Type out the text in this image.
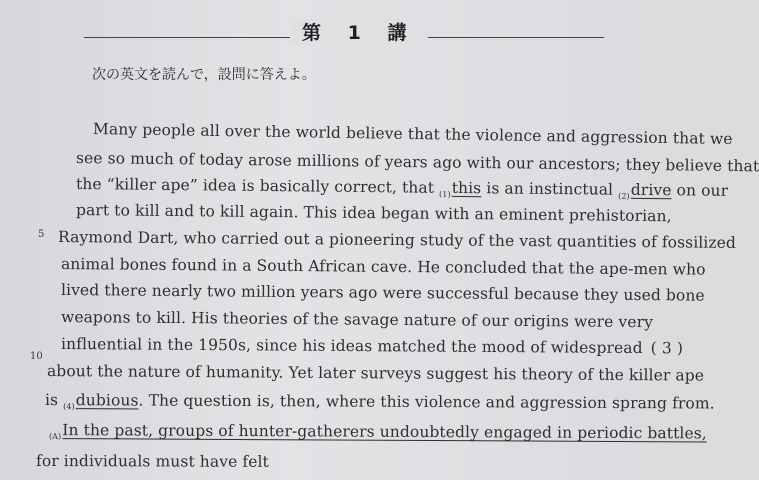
第 1 講
次の英文を読んで，設問に答えよ。
Many people all over the world believe that the violence and aggression that we
see so much of today arose millions of years ago with our ancestors; they believe that
the “killer ape” idea is basically correct, that $_{(1)}$this is an instinctual $_{(2)}$drive on our
part to kill and to kill again. This idea began with an eminent prehistorian,
Raymond Dart, who carried out a pioneering study of the vast quantities of fossilized
animal bones found in a South African cave. He concluded that the ape-men who
lived there nearly two million years ago were successful because they used bone
weapons to kill. His theories of the savage nature of our origins were very
influential in the 1950s, since his ideas matched the mood of widespread ( 3 )
about the nature of humanity. Yet later surveys suggest his theory of the killer ape
is $_{(4)}$dubious. The question is, then, where this violence and aggression sprang from.
$_{(A)}$In the past, groups of hunter-gatherers undoubtedly engaged in periodic battles,
for individuals must have felt
5
10
